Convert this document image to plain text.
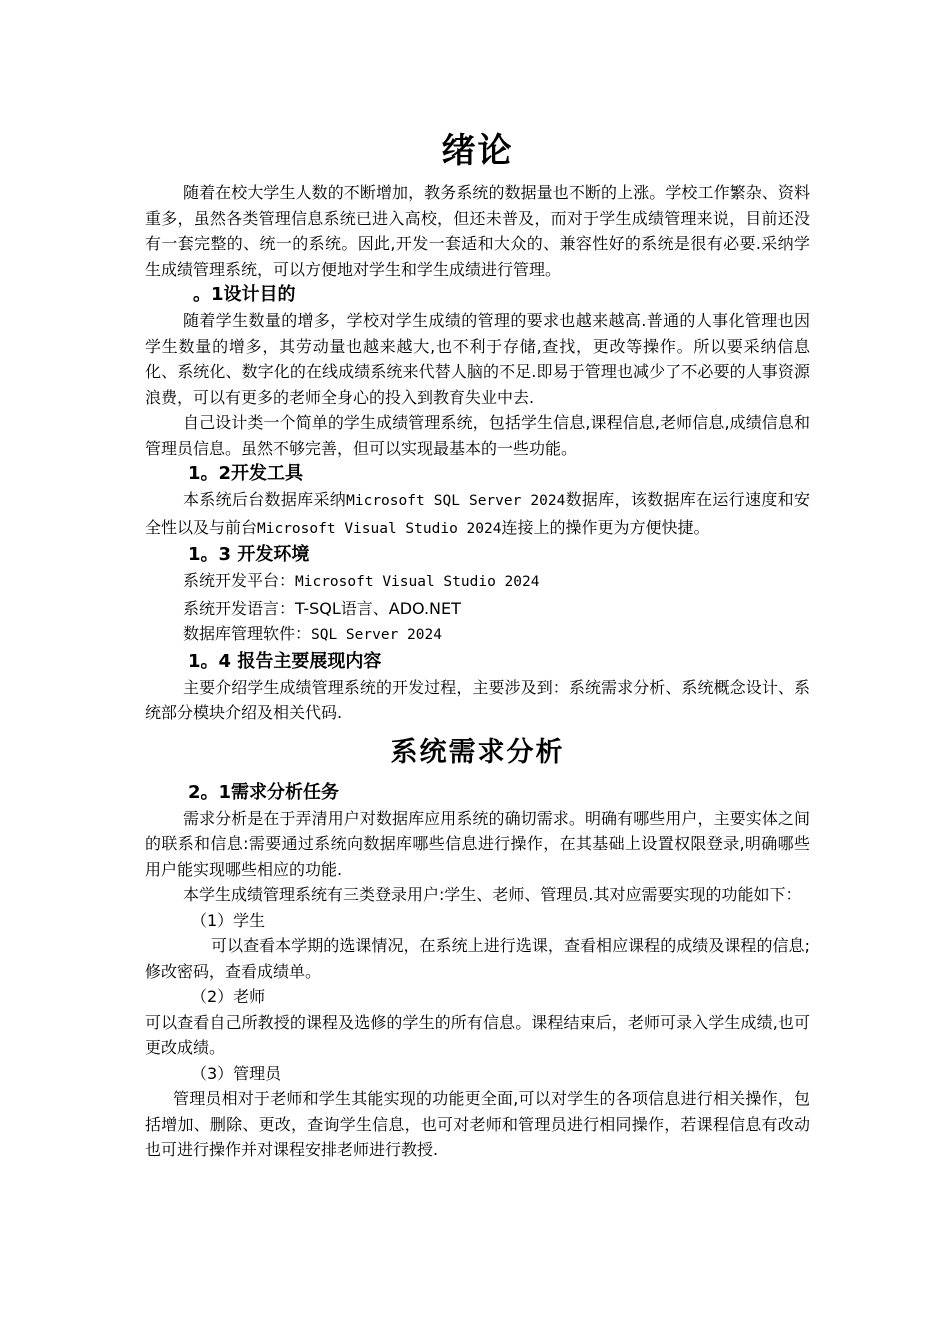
绪论

随着在校大学生人数的不断增加，教务系统的数据量也不断的上涨。学校工作繁杂、资料重多，虽然各类管理信息系统已进入高校，但还未普及，而对于学生成绩管理来说，目前还没有一套完整的、统一的系统。因此,开发一套适和大众的、兼容性好的系统是很有必要.采纳学生成绩管理系统，可以方便地对学生和学生成绩进行管理。

。1设计目的

随着学生数量的增多，学校对学生成绩的管理的要求也越来越高.普通的人事化管理也因学生数量的增多，其劳动量也越来越大,也不利于存储,查找，更改等操作。所以要采纳信息化、系统化、数字化的在线成绩系统来代替人脑的不足.即易于管理也减少了不必要的人事资源浪费，可以有更多的老师全身心的投入到教育失业中去.

自己设计类一个简单的学生成绩管理系统，包括学生信息,课程信息,老师信息,成绩信息和管理员信息。虽然不够完善，但可以实现最基本的一些功能。

1。2开发工具

本系统后台数据库采纳Microsoft SQL Server 2024数据库，该数据库在运行速度和安全性以及与前台Microsoft Visual Studio 2024连接上的操作更为方便快捷。

1。3 开发环境
系统开发平台：Microsoft Visual Studio 2024
系统开发语言：T-SQL语言、ADO.NET
数据库管理软件：SQL Server 2024
1。4 报告主要展现内容

主要介绍学生成绩管理系统的开发过程，主要涉及到：系统需求分析、系统概念设计、系统部分模块介绍及相关代码.

系统需求分析
2。1需求分析任务

需求分析是在于弄清用户对数据库应用系统的确切需求。明确有哪些用户，主要实体之间的联系和信息:需要通过系统向数据库哪些信息进行操作，在其基础上设置权限登录,明确哪些用户能实现哪些相应的功能.

本学生成绩管理系统有三类登录用户:学生、老师、管理员.其对应需要实现的功能如下：

（1）学生

可以查看本学期的选课情况，在系统上进行选课，查看相应课程的成绩及课程的信息;修改密码，查看成绩单。

（2）老师

可以查看自己所教授的课程及选修的学生的所有信息。课程结束后，老师可录入学生成绩,也可更改成绩。

（3）管理员

管理员相对于老师和学生其能实现的功能更全面,可以对学生的各项信息进行相关操作，包括增加、删除、更改，查询学生信息，也可对老师和管理员进行相同操作，若课程信息有改动也可进行操作并对课程安排老师进行教授.
